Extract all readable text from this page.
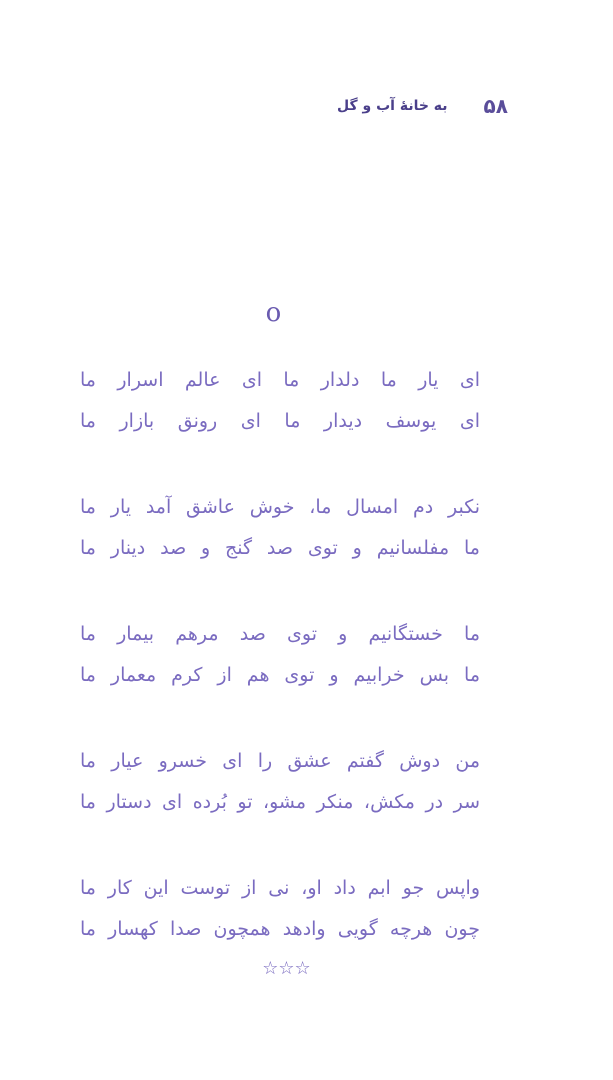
۵۸
به خانهٔ آب و گل
o
ای یار ما دلدار ما ای عالم اسرار ما
ای یوسف دیدار ما ای رونق بازار ما
نکبر دم امسال ما، خوش عاشق آمد یار ما
ما مفلسانیم و توی صد گنج و صد دینار ما
ما خستگانیم و توی صد مرهم بیمار ما
ما بس خرابیم و توی هم از کرم معمار ما
من دوش گفتم عشق را ای خسرو عیار ما
سر در مکش، منکر مشو، تو بُرده ای دستار ما
واپس جو ابم داد او، نی از توست این کار ما
چون هرچه گویی وادهد همچون صدا کهسار ما
☆☆☆
